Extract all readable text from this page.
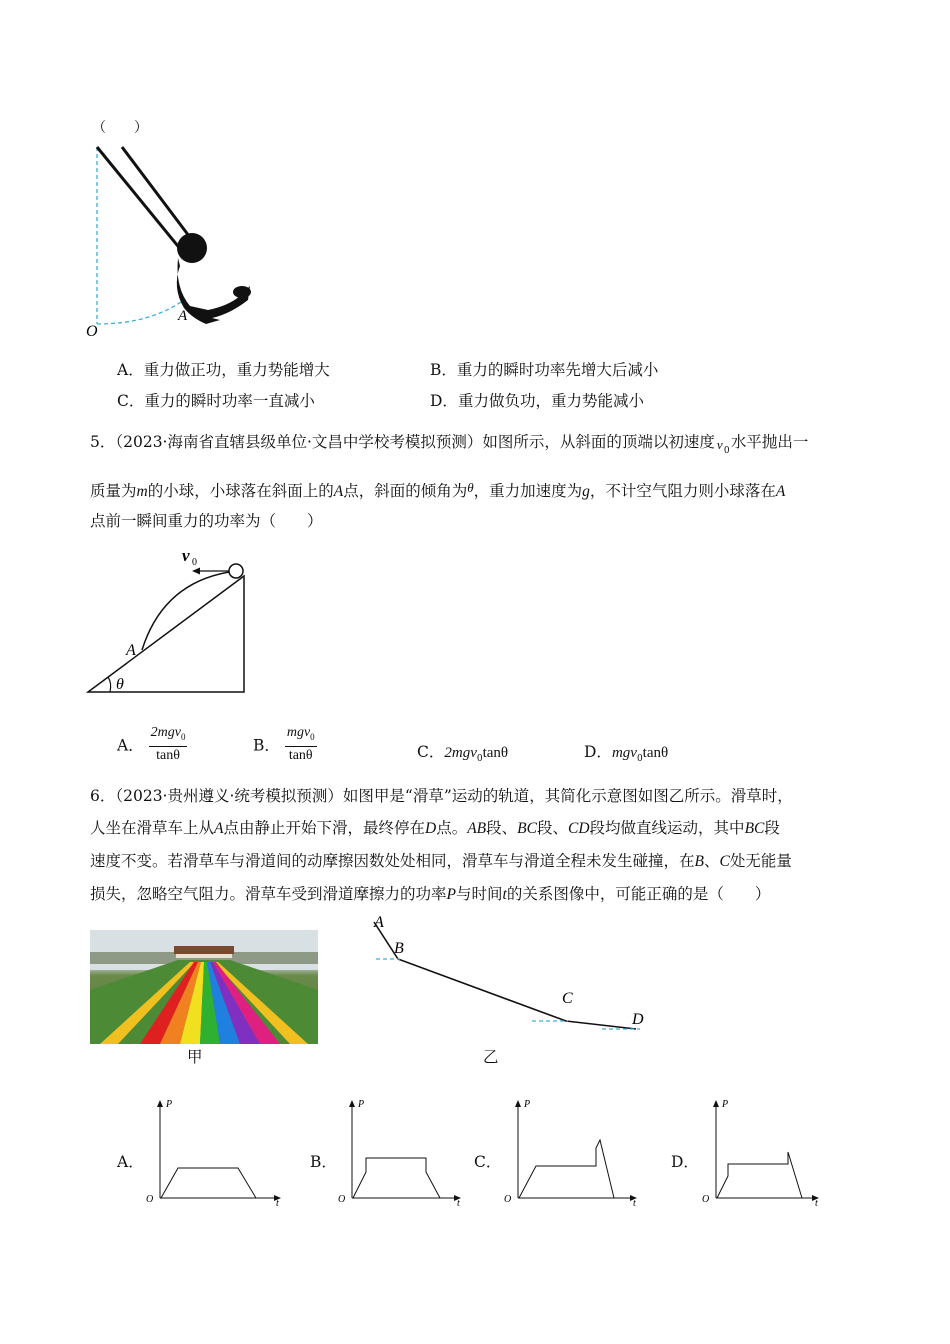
（　　）
O
A
A．重力做正功，重力势能增大	B．重力的瞬时功率先增大后减小
C．重力的瞬时功率一直减小	D．重力做负功，重力势能减小
5．（2023·海南省直辖县级单位·文昌中学校考模拟预测）如图所示，从斜面的顶端以初速度 v 0 水平抛出一
质量为m的小球，小球落在斜面上的A点，斜面的倾角为$^\theta$，重力加速度为g，不计空气阻力则小球落在A
点前一瞬间重力的功率为（　　）
v 0
A
θ
A． $\frac{2mgv_0}{\tan\theta}$	B． $\frac{mgv_0}{\tan\theta}$	C．2mgv$_0$tanθ	D．mgv$_0$tanθ
6．（2023·贵州遵义·统考模拟预测）如图甲是“滑草”运动的轨道，其简化示意图如图乙所示。滑草时，
人坐在滑草车上从A点由静止开始下滑，最终停在D点。AB段、BC段、CD段均做直线运动，其中BC段
速度不变。若滑草车与滑道间的动摩擦因数处处相同，滑草车与滑道全程未发生碰撞，在B、C处无能量
损失，忽略空气阻力。滑草车受到滑道摩擦力的功率P与时间t的关系图像中，可能正确的是（　　）
甲
A
B
C
D
乙
A．
P
O	t
B．
P
O	t
C．
P
O	t
D．
P
O	t
